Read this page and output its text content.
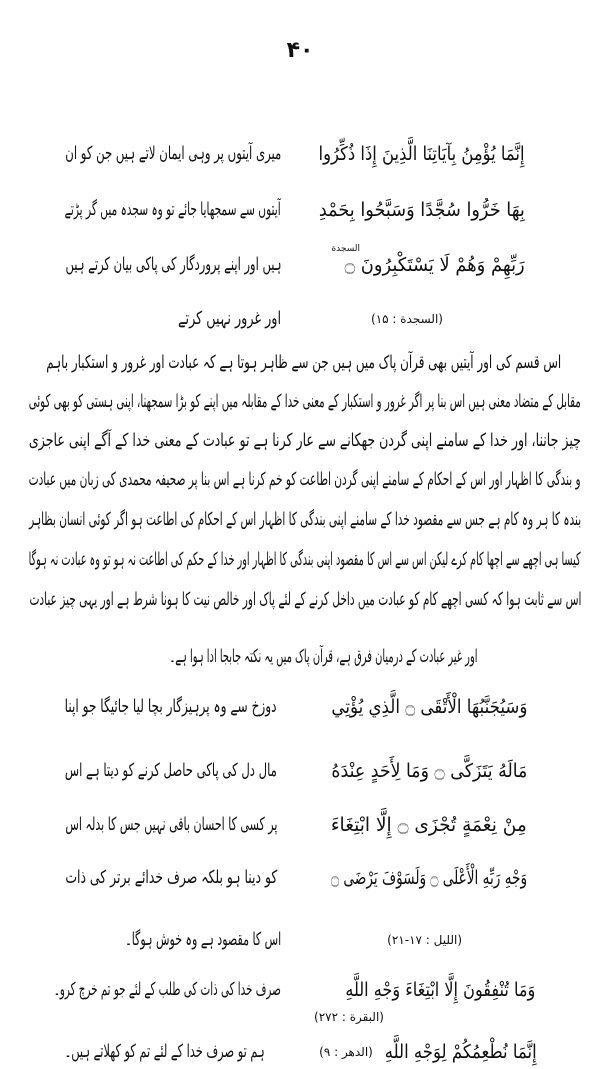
۴۰
إِنَّمَا يُؤْمِنُ بِآيَاتِنَا الَّذِينَ إِذَا ذُكِّرُوا
بِهَا خَرُّوا سُجَّدًا وَسَبَّحُوا بِحَمْدِ
رَبِّهِمْ وَهُمْ لَا يَسْتَكْبِرُونَ ۝
السجدة
(السجدة : ۱۵)
میری آیتوں پر وہی ایمان لاتے ہیں جن کو ان
آیتوں سے سمجھایا جائے تو وہ سجدہ میں گر پڑتے
ہیں اور اپنے پروردگار کی پاکی بیان کرتے ہیں
اور غرور نہیں کرتے
اس قسم کی اور آیتیں بھی قرآن پاک میں ہیں جن سے ظاہر ہوتا ہے کہ عبادت اور غرور و استکبار باہم
مقابل کے متضاد معنی ہیں اس بنا پر اگر غرور و استکبار کے معنی خدا کے مقابلہ میں اپنے کو بڑا سمجھنا، اپنی ہستی کو بھی کوئی
چیز جاننا، اور خدا کے سامنے اپنی گردن جھکانے سے عار کرنا ہے تو عبادت کے معنی خدا کے آگے اپنی عاجزی
و بندگی کا اظہار اور اس کے احکام کے سامنے اپنی گردن اطاعت کو خم کرنا ہے اس بنا پر صحیفہ محمدی کی زبان میں عبادت
بندہ کا ہر وہ کام ہے جس سے مقصود خدا کے سامنے اپنی بندگی کا اظہار اس کے احکام کی اطاعت ہو اگر کوئی انسان بظاہر
کیسا ہی اچھے سے اچھا کام کرے لیکن اس سے اس کا مقصود اپنی بندگی کا اظہار اور خدا کے حکم کی اطاعت نہ ہو تو وہ عبادت نہ ہوگا
اس سے ثابت ہوا کہ کسی اچھے کام کو عبادت میں داخل کرنے کے لئے پاک اور خالص نیت کا ہونا شرط ہے اور یہی چیز عبادت
اور غیر عبادت کے درمیان فرق ہے، قرآن پاک میں یہ نکتہ جابجا ادا ہوا ہے۔
وَسَيُجَنَّبُهَا الْأَتْقَى ۝ الَّذِي يُؤْتِي
مَالَهُ يَتَزَكَّى ۝ وَمَا لِأَحَدٍ عِنْدَهُ
مِنْ نِعْمَةٍ تُجْزَى ۝ إِلَّا ابْتِغَاءَ
وَجْهِ رَبِّهِ الْأَعْلَى ۝ وَلَسَوْفَ يَرْضَى ۝
(اللیل : ۱۷-۲۱)
دوزخ سے وہ پرہیزگار بچا لیا جائیگا جو اپنا
مال دل کی پاکی حاصل کرنے کو دیتا ہے اس
پر کسی کا احسان باقی نہیں جس کا بدلہ اس
کو دینا ہو بلکہ صرف خدائے برتر کی ذات
اس کا مقصود ہے وہ خوش ہوگا۔
وَمَا تُنْفِقُونَ إِلَّا ابْتِغَاءَ وَجْهِ اللَّهِ
(البقرة : ۲۷۲)
صرف خدا کی ذات کی طلب کے لئے جو تم خرچ کرو۔
إِنَّمَا نُطْعِمُكُمْ لِوَجْهِ اللَّهِ
(الدھر : ۹)
ہم تو صرف خدا کے لئے تم کو کھلاتے ہیں۔
